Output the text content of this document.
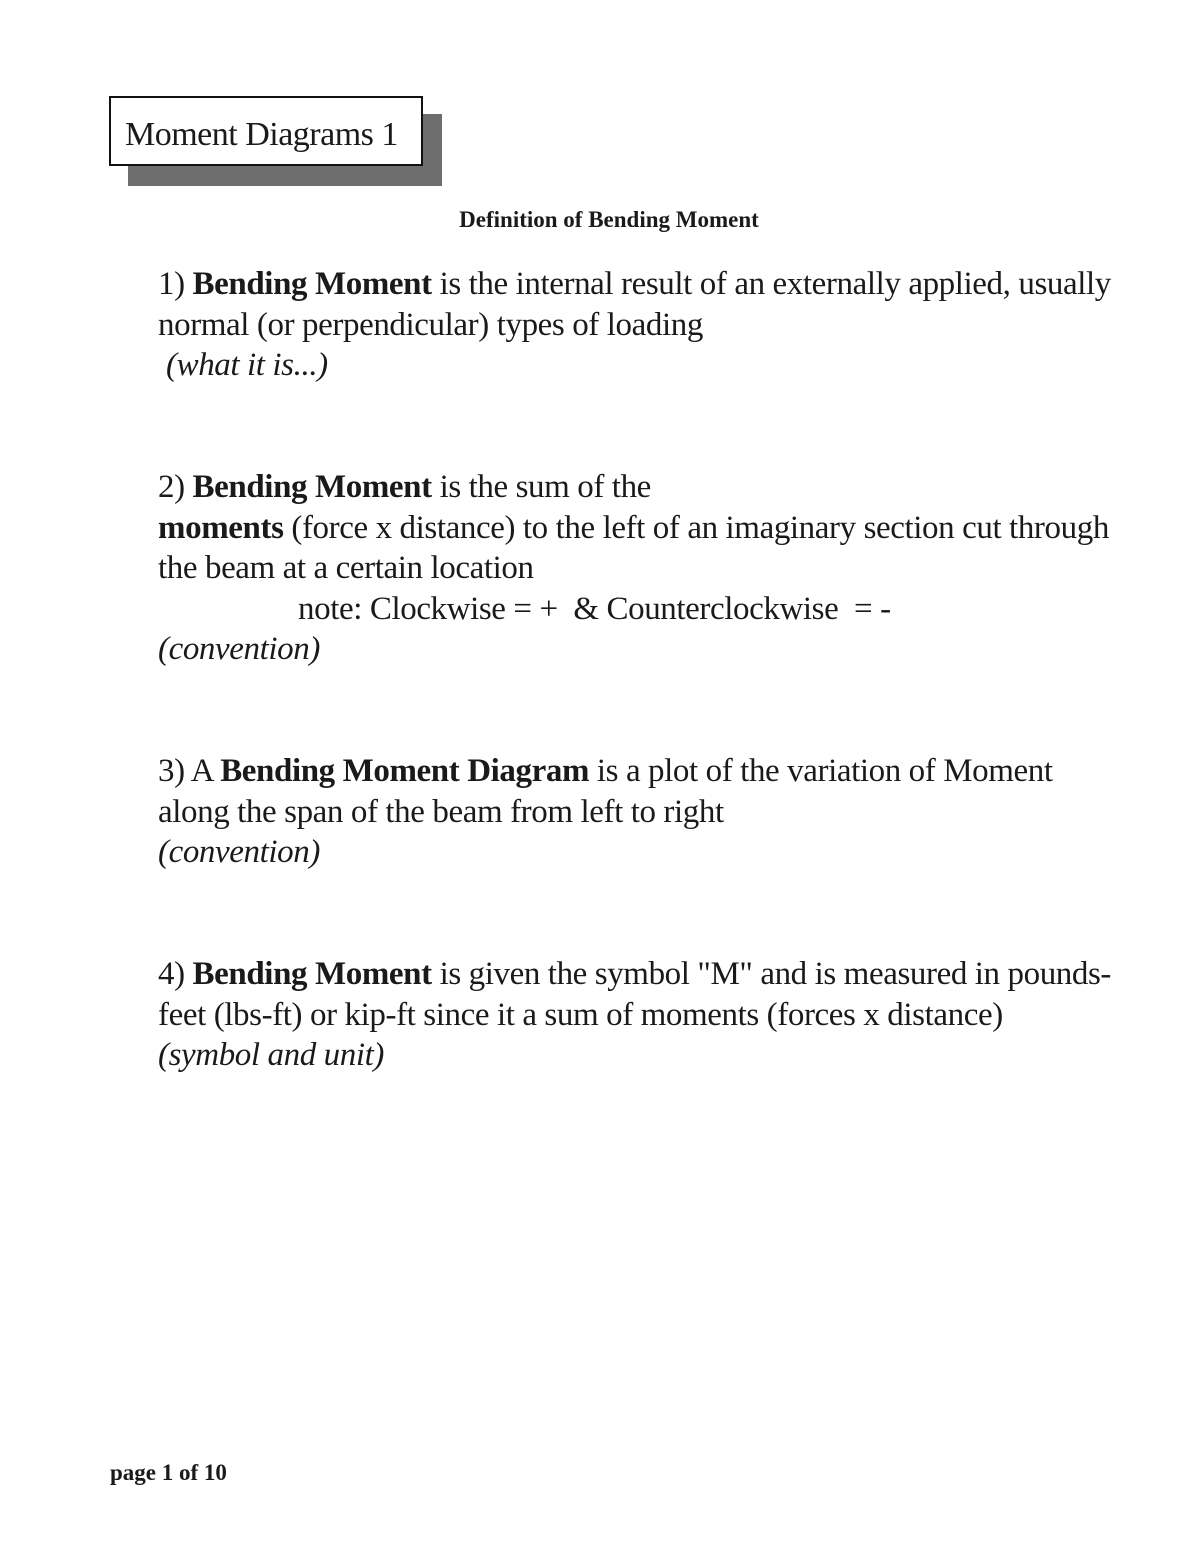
Moment Diagrams 1
Definition of Bending Moment

1) Bending Moment is the internal result of an externally applied, usually normal (or perpendicular) types of loading

(what it is...)

2) Bending Moment is the sum of the

moments (force x distance) to the left of an imaginary section cut through the beam at a certain location

note: Clockwise = +  & Counterclockwise  = -

(convention)

3) A Bending Moment Diagram is a plot of the variation of Moment along the span of the beam from left to right

(convention)

4) Bending Moment is given the symbol "M" and is measured in pounds-feet (lbs-ft) or kip-ft since it a sum of moments (forces x distance)

(symbol and unit)

page 1 of 10
